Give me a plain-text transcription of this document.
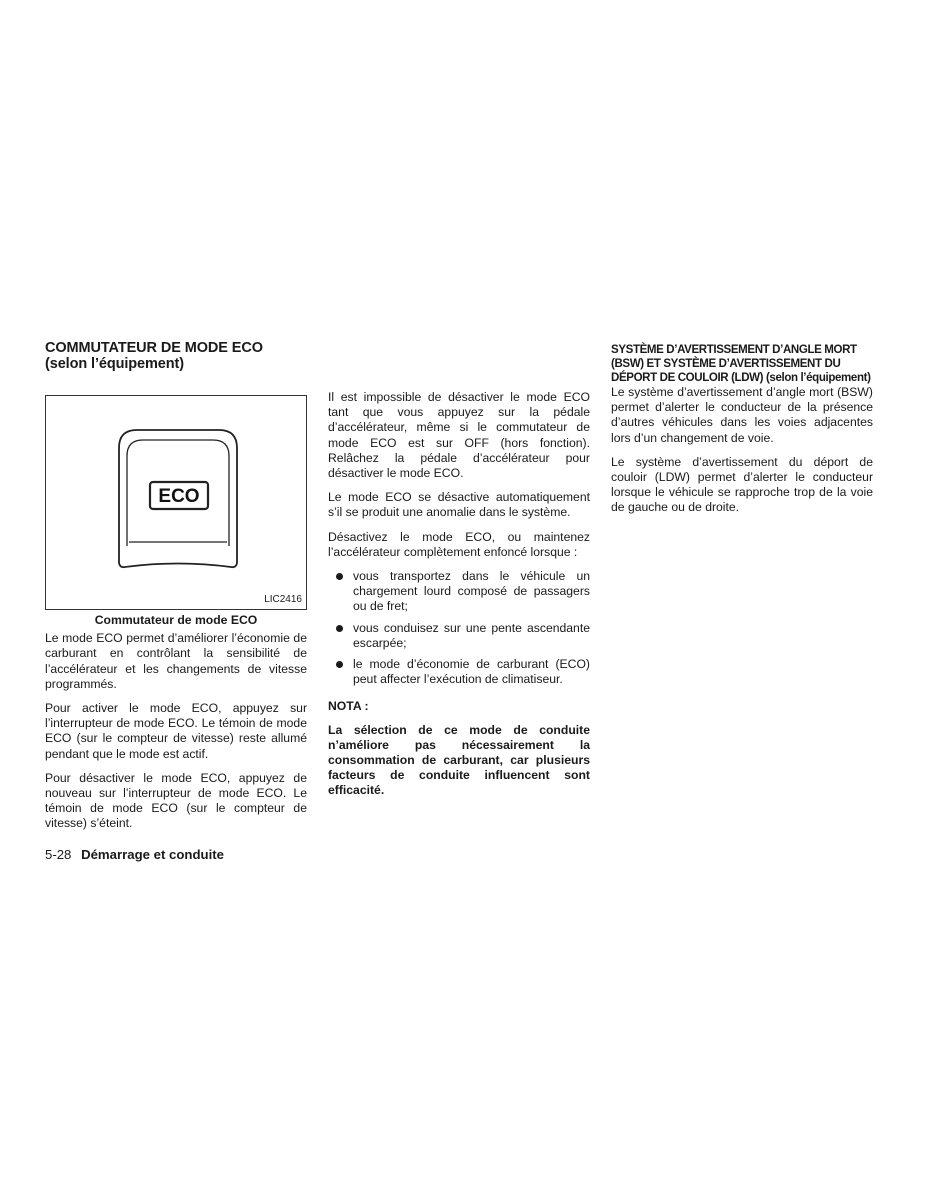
COMMUTATEUR DE MODE ECO
(selon l’équipement)
ECO
LIC2416
Commutateur de mode ECO

Le mode ECO permet d’améliorer l’économie de carburant en contrôlant la sensibilité de l’accélérateur et les changements de vitesse programmés.

Pour activer le mode ECO, appuyez sur l’interrupteur de mode ECO. Le témoin de mode ECO (sur le compteur de vitesse) reste allumé pendant que le mode est actif.

Pour désactiver le mode ECO, appuyez de nouveau sur l’interrupteur de mode ECO. Le témoin de mode ECO (sur le compteur de vitesse) s’éteint.

Il est impossible de désactiver le mode ECO tant que vous appuyez sur la pédale d’accélérateur, même si le commutateur de mode ECO est sur OFF (hors fonction). Relâchez la pédale d’accélérateur pour désactiver le mode ECO.

Le mode ECO se désactive automatiquement s’il se produit une anomalie dans le système.

Désactivez le mode ECO, ou maintenez l’accélérateur complètement enfoncé lorsque :

vous transportez dans le véhicule un chargement lourd composé de passagers ou de fret;
vous conduisez sur une pente ascendante escarpée;
le mode d’économie de carburant (ECO) peut affecter l’exécution de climatiseur.
NOTA :
La sélection de ce mode de conduite n’améliore pas nécessairement la consommation de carburant, car plusieurs facteurs de conduite influencent sont efficacité.
SYSTÈME D’AVERTISSEMENT D’ANGLE MORT
(BSW) ET SYSTÈME D’AVERTISSEMENT DU
DÉPORT DE COULOIR (LDW) (selon l’équipement)

Le système d’avertissement d’angle mort (BSW) permet d’alerter le conducteur de la présence d’autres véhicules dans les voies adjacentes lors d’un changement de voie.

Le système d’avertissement du déport de couloir (LDW) permet d’alerter le conducteur lorsque le véhicule se rapproche trop de la voie de gauche ou de droite.

5-28 Démarrage et conduite
